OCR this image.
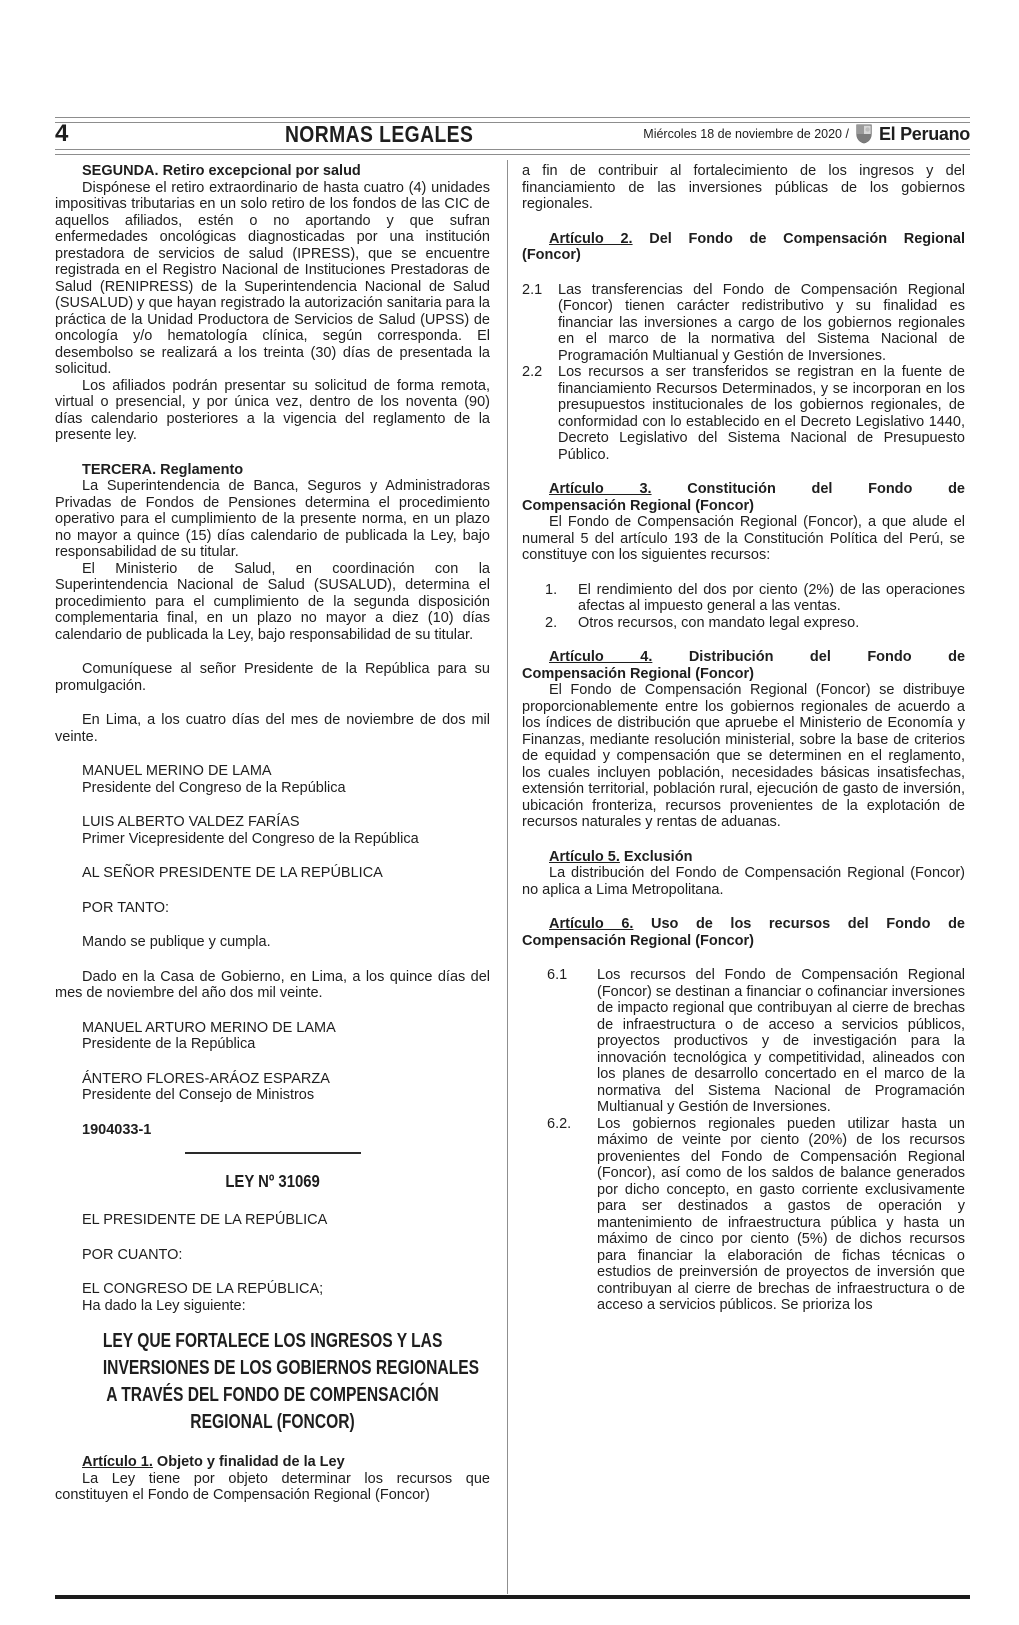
4	NORMAS LEGALES	Miércoles 18 de noviembre de 2020 / El Peruano
SEGUNDA. Retiro excepcional por salud
Dispónese el retiro extraordinario de hasta cuatro (4) unidades impositivas tributarias en un solo retiro de los fondos de las CIC de aquellos afiliados, estén o no aportando y que sufran enfermedades oncológicas diagnosticadas por una institución prestadora de servicios de salud (IPRESS), que se encuentre registrada en el Registro Nacional de Instituciones Prestadoras de Salud (RENIPRESS) de la Superintendencia Nacional de Salud (SUSALUD) y que hayan registrado la autorización sanitaria para la práctica de la Unidad Productora de Servicios de Salud (UPSS) de oncología y/o hematología clínica, según corresponda. El desembolso se realizará a los treinta (30) días de presentada la solicitud.
Los afiliados podrán presentar su solicitud de forma remota, virtual o presencial, y por única vez, dentro de los noventa (90) días calendario posteriores a la vigencia del reglamento de la presente ley.
TERCERA. Reglamento
La Superintendencia de Banca, Seguros y Administradoras Privadas de Fondos de Pensiones determina el procedimiento operativo para el cumplimiento de la presente norma, en un plazo no mayor a quince (15) días calendario de publicada la Ley, bajo responsabilidad de su titular.
El Ministerio de Salud, en coordinación con la Superintendencia Nacional de Salud (SUSALUD), determina el procedimiento para el cumplimiento de la segunda disposición complementaria final, en un plazo no mayor a diez (10) días calendario de publicada la Ley, bajo responsabilidad de su titular.
Comuníquese al señor Presidente de la República para su promulgación.
En Lima, a los cuatro días del mes de noviembre de dos mil veinte.
MANUEL MERINO DE LAMA
Presidente del Congreso de la República
LUIS ALBERTO VALDEZ FARÍAS
Primer Vicepresidente del Congreso de la República
AL SEÑOR PRESIDENTE DE LA REPÚBLICA
POR TANTO:
Mando se publique y cumpla.
Dado en la Casa de Gobierno, en Lima, a los quince días del mes de noviembre del año dos mil veinte.
MANUEL ARTURO MERINO DE LAMA
Presidente de la República
ÁNTERO FLORES-ARÁOZ ESPARZA
Presidente del Consejo de Ministros
1904033-1
LEY Nº 31069
EL PRESIDENTE DE LA REPÚBLICA
POR CUANTO:
EL CONGRESO DE LA REPÚBLICA;
Ha dado la Ley siguiente:
LEY QUE FORTALECE LOS INGRESOS Y LAS
INVERSIONES DE LOS GOBIERNOS REGIONALES
A TRAVÉS DEL FONDO DE COMPENSACIÓN
REGIONAL (FONCOR)
Artículo 1. Objeto y finalidad de la Ley
La Ley tiene por objeto determinar los recursos que constituyen el Fondo de Compensación Regional (Foncor)
a fin de contribuir al fortalecimiento de los ingresos y del financiamiento de las inversiones públicas de los gobiernos regionales.
Artículo 2. Del Fondo de Compensación Regional
(Foncor)
2.1 Las transferencias del Fondo de Compensación Regional (Foncor) tienen carácter redistributivo y su finalidad es financiar las inversiones a cargo de los gobiernos regionales en el marco de la normativa del Sistema Nacional de Programación Multianual y Gestión de Inversiones.
2.2 Los recursos a ser transferidos se registran en la fuente de financiamiento Recursos Determinados, y se incorporan en los presupuestos institucionales de los gobiernos regionales, de conformidad con lo establecido en el Decreto Legislativo 1440, Decreto Legislativo del Sistema Nacional de Presupuesto Público.
Artículo 3. Constitución del Fondo de
Compensación Regional (Foncor)
El Fondo de Compensación Regional (Foncor), a que alude el numeral 5 del artículo 193 de la Constitución Política del Perú, se constituye con los siguientes recursos:
1. El rendimiento del dos por ciento (2%) de las operaciones afectas al impuesto general a las ventas.
2. Otros recursos, con mandato legal expreso.
Artículo 4. Distribución del Fondo de
Compensación Regional (Foncor)
El Fondo de Compensación Regional (Foncor) se distribuye proporcionablemente entre los gobiernos regionales de acuerdo a los índices de distribución que apruebe el Ministerio de Economía y Finanzas, mediante resolución ministerial, sobre la base de criterios de equidad y compensación que se determinen en el reglamento, los cuales incluyen población, necesidades básicas insatisfechas, extensión territorial, población rural, ejecución de gasto de inversión, ubicación fronteriza, recursos provenientes de la explotación de recursos naturales y rentas de aduanas.
Artículo 5. Exclusión
La distribución del Fondo de Compensación Regional (Foncor) no aplica a Lima Metropolitana.
Artículo 6. Uso de los recursos del Fondo de
Compensación Regional (Foncor)
6.1 Los recursos del Fondo de Compensación Regional (Foncor) se destinan a financiar o cofinanciar inversiones de impacto regional que contribuyan al cierre de brechas de infraestructura o de acceso a servicios públicos, proyectos productivos y de investigación para la innovación tecnológica y competitividad, alineados con los planes de desarrollo concertado en el marco de la normativa del Sistema Nacional de Programación Multianual y Gestión de Inversiones.
6.2. Los gobiernos regionales pueden utilizar hasta un máximo de veinte por ciento (20%) de los recursos provenientes del Fondo de Compensación Regional (Foncor), así como de los saldos de balance generados por dicho concepto, en gasto corriente exclusivamente para ser destinados a gastos de operación y mantenimiento de infraestructura pública y hasta un máximo de cinco por ciento (5%) de dichos recursos para financiar la elaboración de fichas técnicas o estudios de preinversión de proyectos de inversión que contribuyan al cierre de brechas de infraestructura o de acceso a servicios públicos. Se prioriza los
